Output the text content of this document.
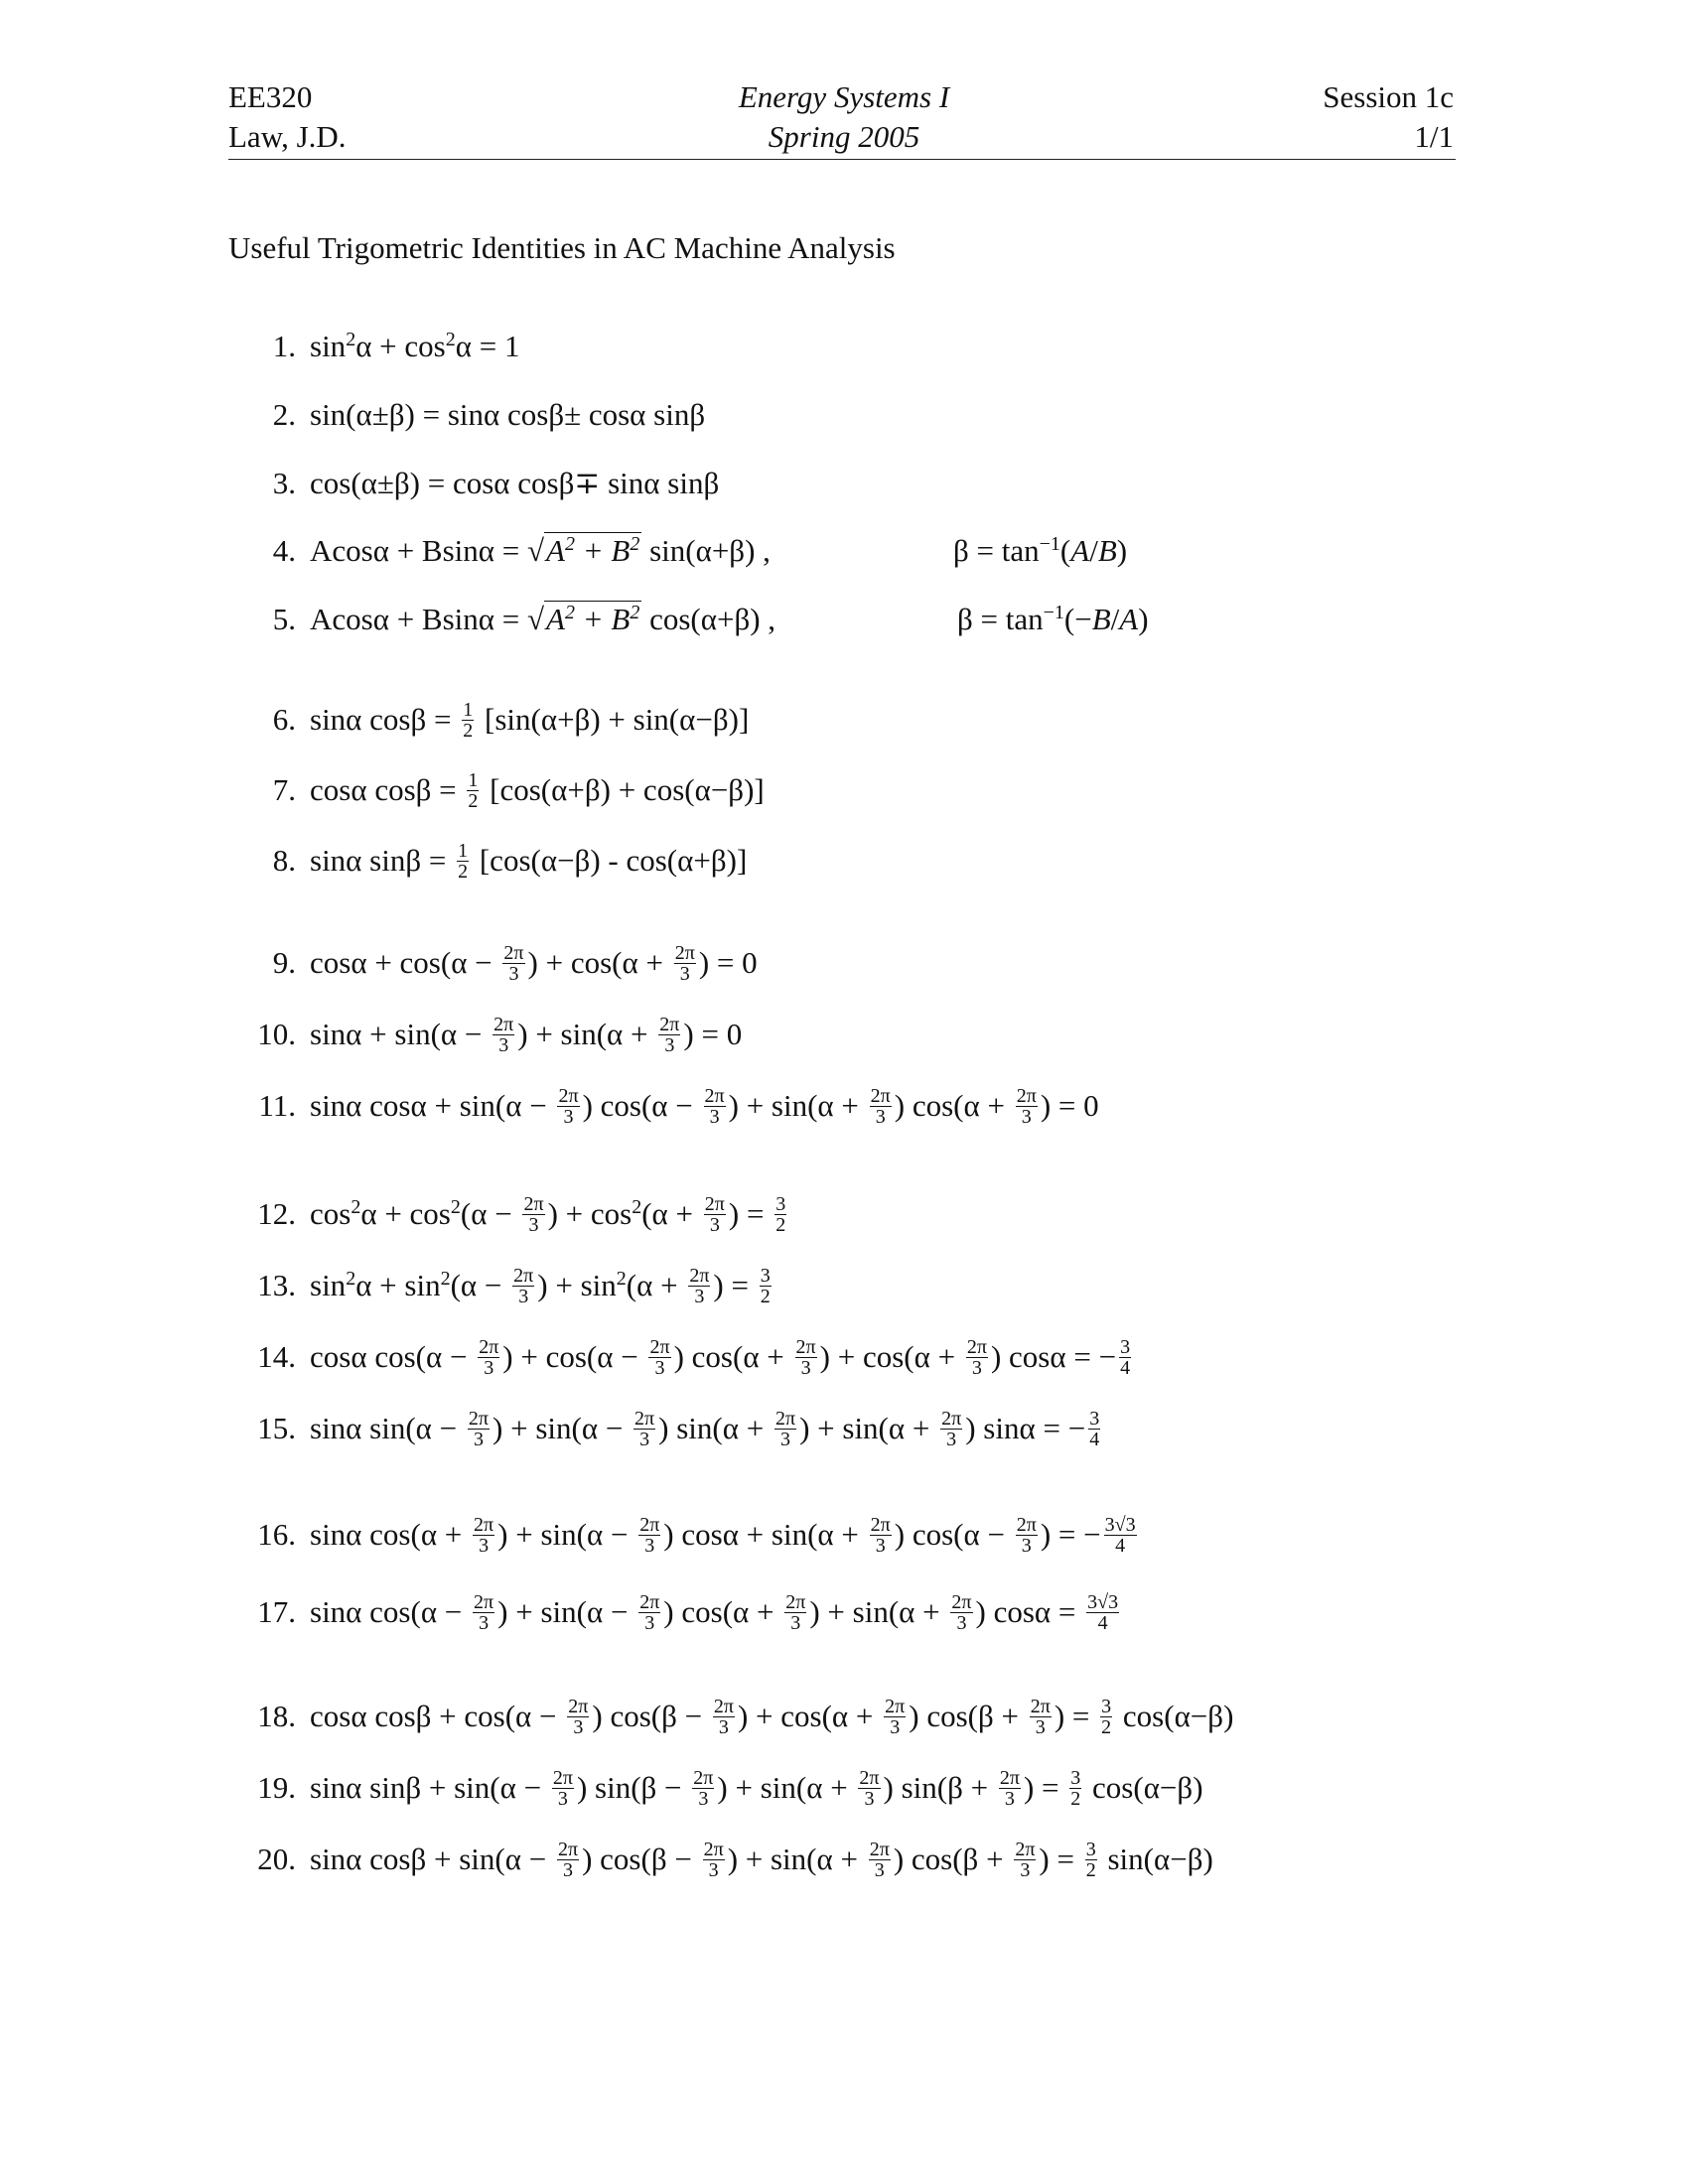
EE320
Law, J.D.
Energy Systems I
Spring 2005
Session 1c
1/1
Useful Trigometric Identities in AC Machine Analysis
1. $\sin^2\alpha + \cos^2\alpha = 1$
2. sin(α±β) = sinα cosβ± cosα sinβ
3. cos(α±β) = cosα cosβ∓ sinα sinβ
4. $Acos\alpha + Bsin\alpha = √A^2 + B^2$ sin(α+β) ,	$\beta = \tan^{-1}(A/B)$
5. $Acos\alpha + Bsin\alpha = √A^2 + B^2$ cos(α+β) ,	$\beta = \tan^{-1}(-B/A)$
6. sinα $\cos\beta = \frac{1}{2} [\sin(\alpha+\beta) + \sin(\alpha-\beta)]$
7. cosα $\cos\beta = \frac{1}{2} [\cos(\alpha+\beta) + \cos(\alpha-\beta)]$
8. sinα $\sin\beta = \frac{1}{2} [\cos(\alpha-\beta) - \cos(\alpha+\beta)]$
9. $\cos\alpha + \cos(\alpha - \frac{2\pi}{3}$ ) + $\cos(\alpha + \frac{2\pi}{3}$ ) = 0
10. $\sin\alpha + \sin(\alpha - \frac{2\pi}{3}$ ) + $\sin(\alpha + \frac{2\pi}{3}$ ) = 0
11. sinα $\cos\alpha + \sin(\alpha - \frac{2\pi}{3}$ ) $\cos(\alpha - \frac{2\pi}{3}$ ) + $\sin(\alpha + \frac{2\pi}{3}$ ) $\cos(\alpha + \frac{2\pi}{3}$ ) = 0
12. $\cos^2\alpha + \cos^2(\alpha - \frac{2\pi}{3}$ ) + $\cos^2(\alpha + \frac{2\pi}{3}$ ) = $\frac{3}{2}$
13. $\sin^2\alpha + \sin^2(\alpha - \frac{2\pi}{3}$ ) + $\sin^2(\alpha + \frac{2\pi}{3}$ ) = $\frac{3}{2}$
14. cosα $\cos(\alpha - \frac{2\pi}{3}$ ) + $\cos(\alpha - \frac{2\pi}{3}$ ) $\cos(\alpha + \frac{2\pi}{3}$ ) + $\cos(\alpha + \frac{2\pi}{3}$ ) cosα = − $\frac{3}{4}$
15. sinα $\sin(\alpha - \frac{2\pi}{3}$ ) + $\sin(\alpha - \frac{2\pi}{3}$ ) $\sin(\alpha + \frac{2\pi}{3}$ ) + $\sin(\alpha + \frac{2\pi}{3}$ ) sinα = − $\frac{3}{4}$
16. sinα $\cos(\alpha + \frac{2\pi}{3}$ ) + $\sin(\alpha - \frac{2\pi}{3}$ ) $\cos\alpha + \sin(\alpha + \frac{2\pi}{3}$ ) $\cos(\alpha - \frac{2\pi}{3}$ ) = − $\frac{3√3}{4}$
17. sinα $\cos(\alpha - \frac{2\pi}{3}$ ) + $\sin(\alpha - \frac{2\pi}{3}$ ) $\cos(\alpha + \frac{2\pi}{3}$ ) + $\sin(\alpha + \frac{2\pi}{3}$ ) $\cos\alpha = \frac{3√3}{4}$
18. cosα $\cos\beta + \cos(\alpha - \frac{2\pi}{3}$ ) $\cos(\beta - \frac{2\pi}{3}$ ) + $\cos(\alpha + \frac{2\pi}{3}$ ) $\cos(\beta + \frac{2\pi}{3}$ ) = $\frac{3}{2} \cos(\alpha-\beta)$
19. sinα $\sin\beta + \sin(\alpha - \frac{2\pi}{3}$ ) $\sin(\beta - \frac{2\pi}{3}$ ) + $\sin(\alpha + \frac{2\pi}{3}$ ) $\sin(\beta + \frac{2\pi}{3}$ ) = $\frac{3}{2} \cos(\alpha-\beta)$
20. sinα $\cos\beta + \sin(\alpha - \frac{2\pi}{3}$ ) $\cos(\beta - \frac{2\pi}{3}$ ) + $\sin(\alpha + \frac{2\pi}{3}$ ) $\cos(\beta + \frac{2\pi}{3}$ ) = $\frac{3}{2} \sin(\alpha-\beta)$
